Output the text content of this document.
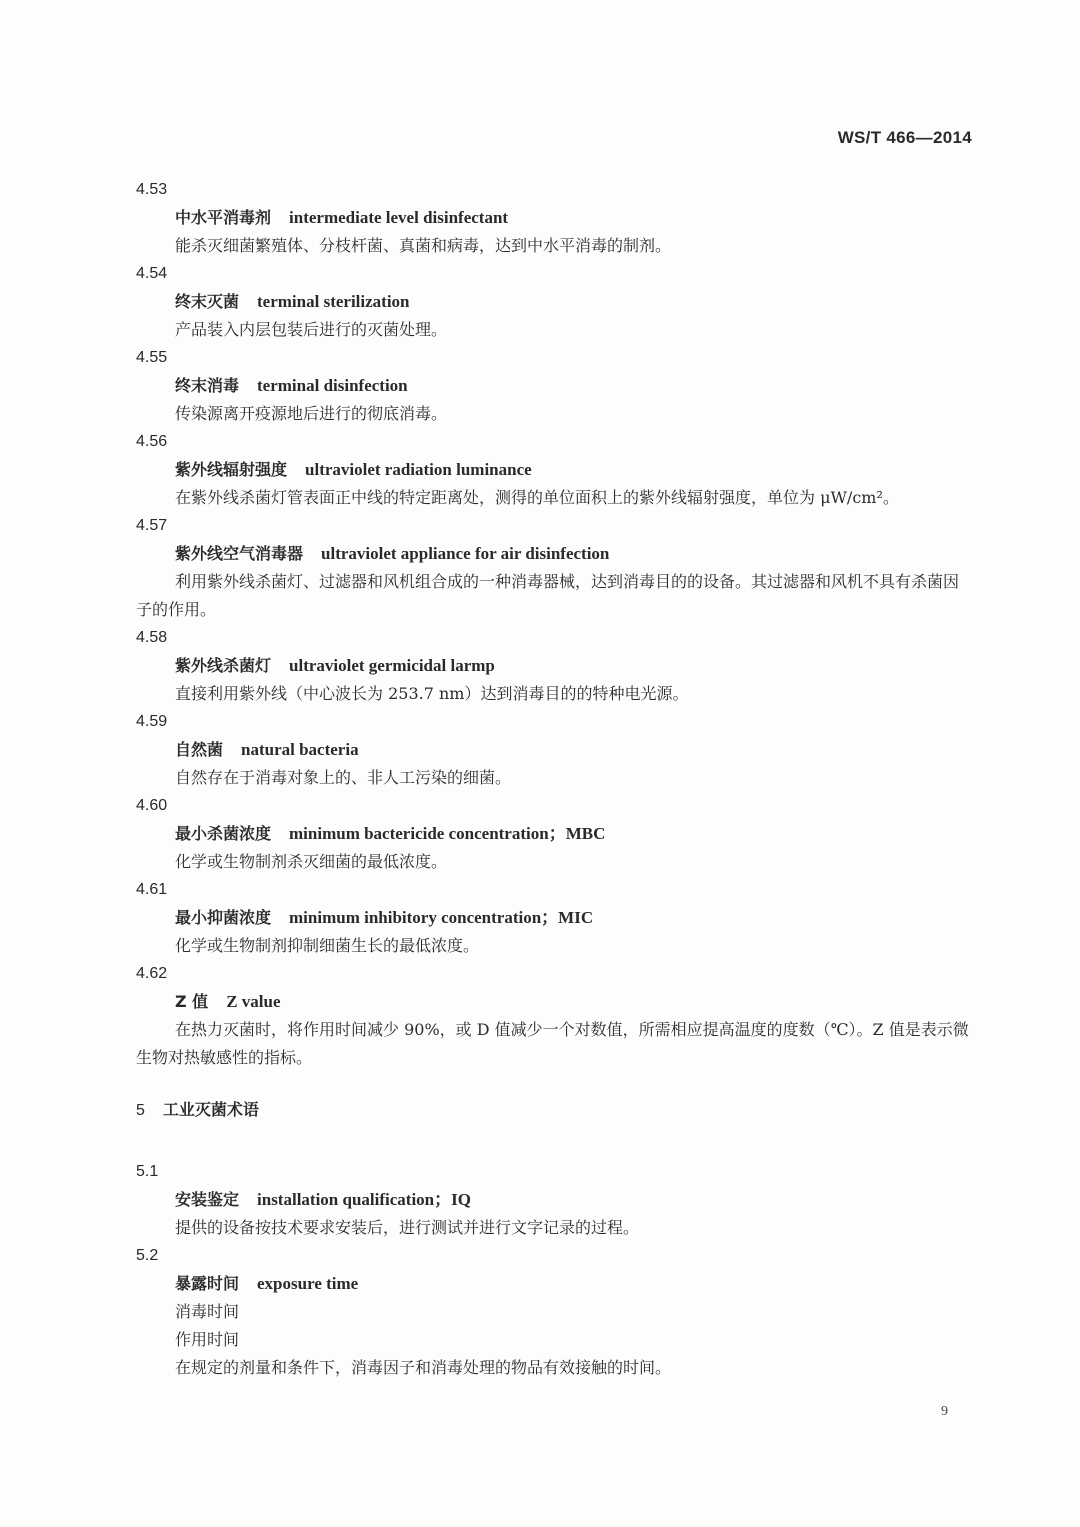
WS/T 466—2014
4.53
中水平消毒剂 intermediate level disinfectant
能杀灭细菌繁殖体、分枝杆菌、真菌和病毒，达到中水平消毒的制剂。
4.54
终末灭菌 terminal sterilization
产品装入内层包装后进行的灭菌处理。
4.55
终末消毒 terminal disinfection
传染源离开疫源地后进行的彻底消毒。
4.56
紫外线辐射强度 ultraviolet radiation luminance
在紫外线杀菌灯管表面正中线的特定距离处，测得的单位面积上的紫外线辐射强度，单位为 μW/cm²。
4.57
紫外线空气消毒器 ultraviolet appliance for air disinfection
利用紫外线杀菌灯、过滤器和风机组合成的一种消毒器械，达到消毒目的的设备。其过滤器和风机不具有杀菌因子的作用。
4.58
紫外线杀菌灯 ultraviolet germicidal larmp
直接利用紫外线（中心波长为 253.7 nm）达到消毒目的的特种电光源。
4.59
自然菌 natural bacteria
自然存在于消毒对象上的、非人工污染的细菌。
4.60
最小杀菌浓度 minimum bactericide concentration；MBC
化学或生物制剂杀灭细菌的最低浓度。
4.61
最小抑菌浓度 minimum inhibitory concentration；MIC
化学或生物制剂抑制细菌生长的最低浓度。
4.62
Z 值 Z value
在热力灭菌时，将作用时间减少 90%，或 D 值减少一个对数值，所需相应提高温度的度数（℃）。Z 值是表示微生物对热敏感性的指标。
5 工业灭菌术语
5.1
安装鉴定 installation qualification；IQ
提供的设备按技术要求安装后，进行测试并进行文字记录的过程。
5.2
暴露时间 exposure time
消毒时间
作用时间
在规定的剂量和条件下，消毒因子和消毒处理的物品有效接触的时间。
9
